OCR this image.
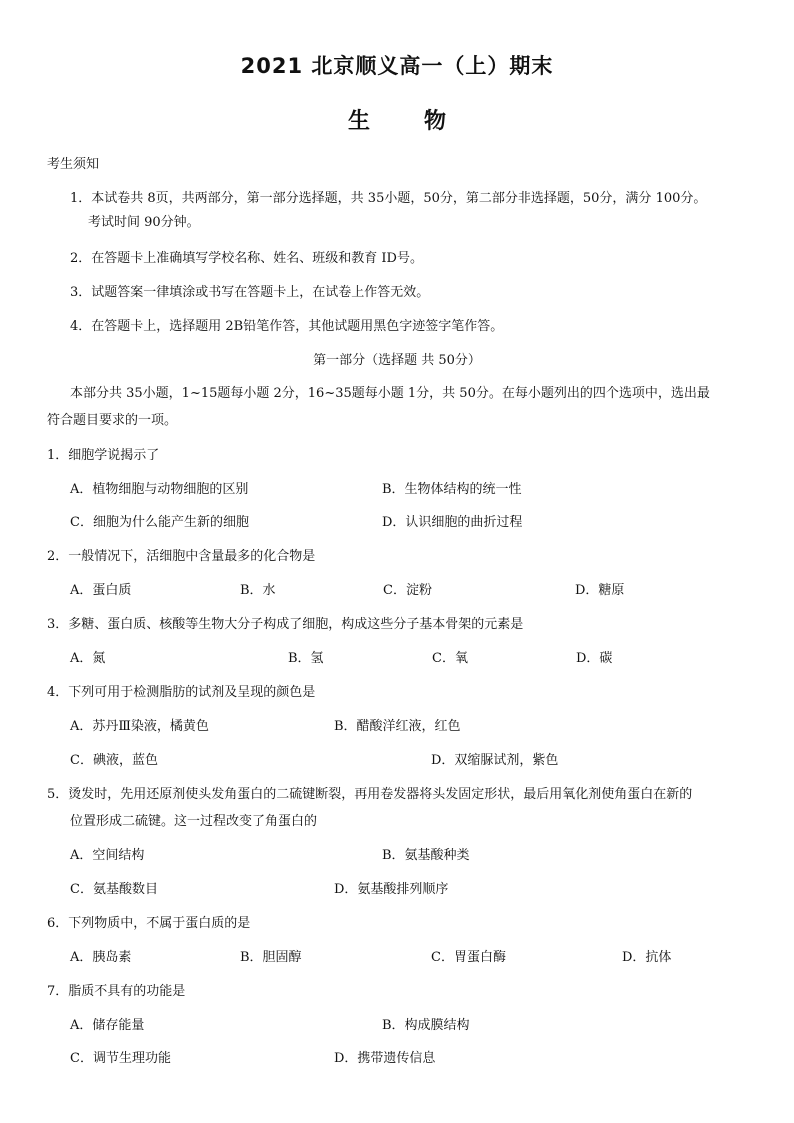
2021 北京顺义高一（上）期末
生 物
考生须知
1．本试卷共 8页，共两部分，第一部分选择题，共 35小题，50分，第二部分非选择题，50分，满分 100分。
考试时间 90分钟。
2．在答题卡上准确填写学校名称、姓名、班级和教育 ID号。
3．试题答案一律填涂或书写在答题卡上，在试卷上作答无效。
4．在答题卡上，选择题用 2B铅笔作答，其他试题用黑色字迹签字笔作答。
第一部分（选择题 共 50分）
本部分共 35小题，1~15题每小题 2分，16~35题每小题 1分，共 50分。在每小题列出的四个选项中，选出最
符合题目要求的一项。
1．细胞学说揭示了
A．植物细胞与动物细胞的区别	B．生物体结构的统一性
C．细胞为什么能产生新的细胞	D．认识细胞的曲折过程
2．一般情况下，活细胞中含量最多的化合物是
A．蛋白质	B．水	C．淀粉	D．糖原
3．多糖、蛋白质、核酸等生物大分子构成了细胞，构成这些分子基本骨架的元素是
A．氮	B．氢	C．氧	D．碳
4．下列可用于检测脂肪的试剂及呈现的颜色是
A．苏丹Ⅲ染液，橘黄色	B．醋酸洋红液，红色
C．碘液，蓝色	D．双缩脲试剂，紫色
5．烫发时，先用还原剂使头发角蛋白的二硫键断裂，再用卷发器将头发固定形状，最后用氧化剂使角蛋白在新的
位置形成二硫键。这一过程改变了角蛋白的
A．空间结构	B．氨基酸种类
C．氨基酸数目	D．氨基酸排列顺序
6．下列物质中，不属于蛋白质的是
A．胰岛素	B．胆固醇	C．胃蛋白酶	D．抗体
7．脂质不具有的功能是
A．储存能量	B．构成膜结构
C．调节生理功能	D．携带遗传信息
